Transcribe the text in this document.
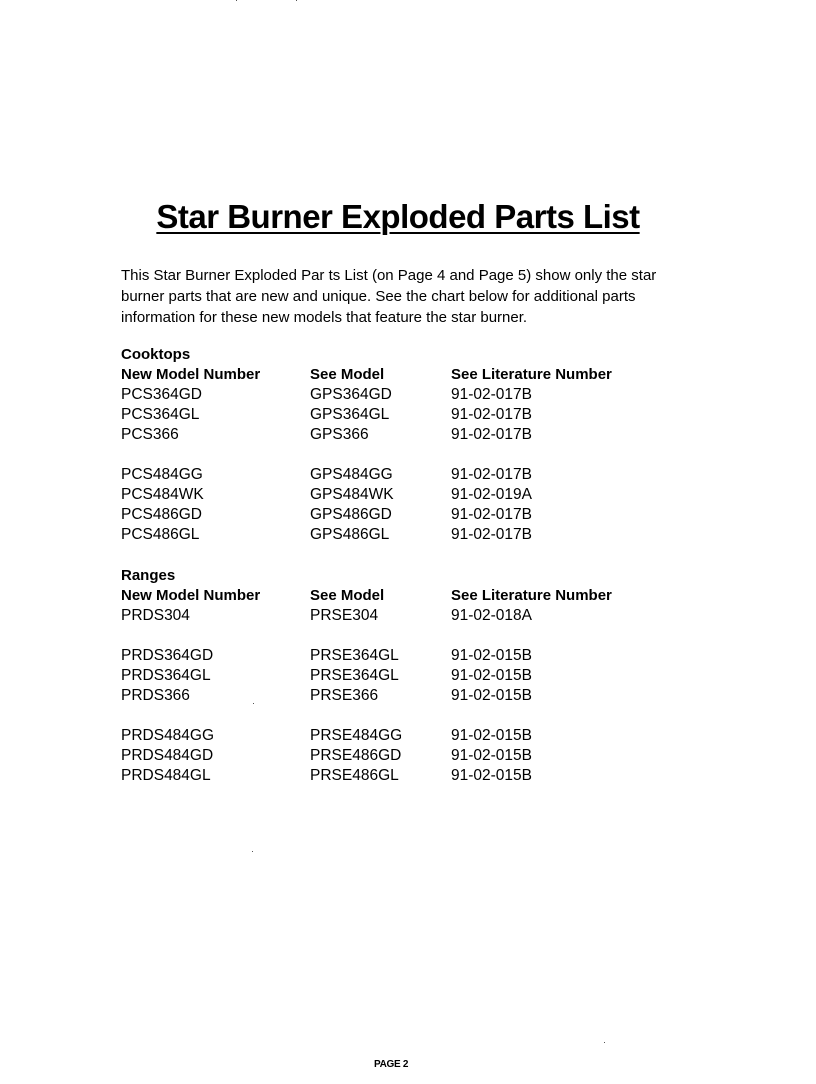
Star Burner Exploded Parts List

This Star Burner Exploded Par ts List (on Page 4 and Page 5) show only the star burner parts that are new and unique. See the chart below for additional parts information for these new models that feature the star burner.

Cooktops
New Model Number	See Model	See Literature Number
PCS364GD	GPS364GD	91-02-017B
PCS364GL	GPS364GL	91-02-017B
PCS366	GPS366	91-02-017B
PCS484GG	GPS484GG	91-02-017B
PCS484WK	GPS484WK	91-02-019A
PCS486GD	GPS486GD	91-02-017B
PCS486GL	GPS486GL	91-02-017B
Ranges
New Model Number	See Model	See Literature Number
PRDS304	PRSE304	91-02-018A
PRDS364GD	PRSE364GL	91-02-015B
PRDS364GL	PRSE364GL	91-02-015B
PRDS366	PRSE366	91-02-015B
PRDS484GG	PRSE484GG	91-02-015B
PRDS484GD	PRSE486GD	91-02-015B
PRDS484GL	PRSE486GL	91-02-015B
PAGE 2
